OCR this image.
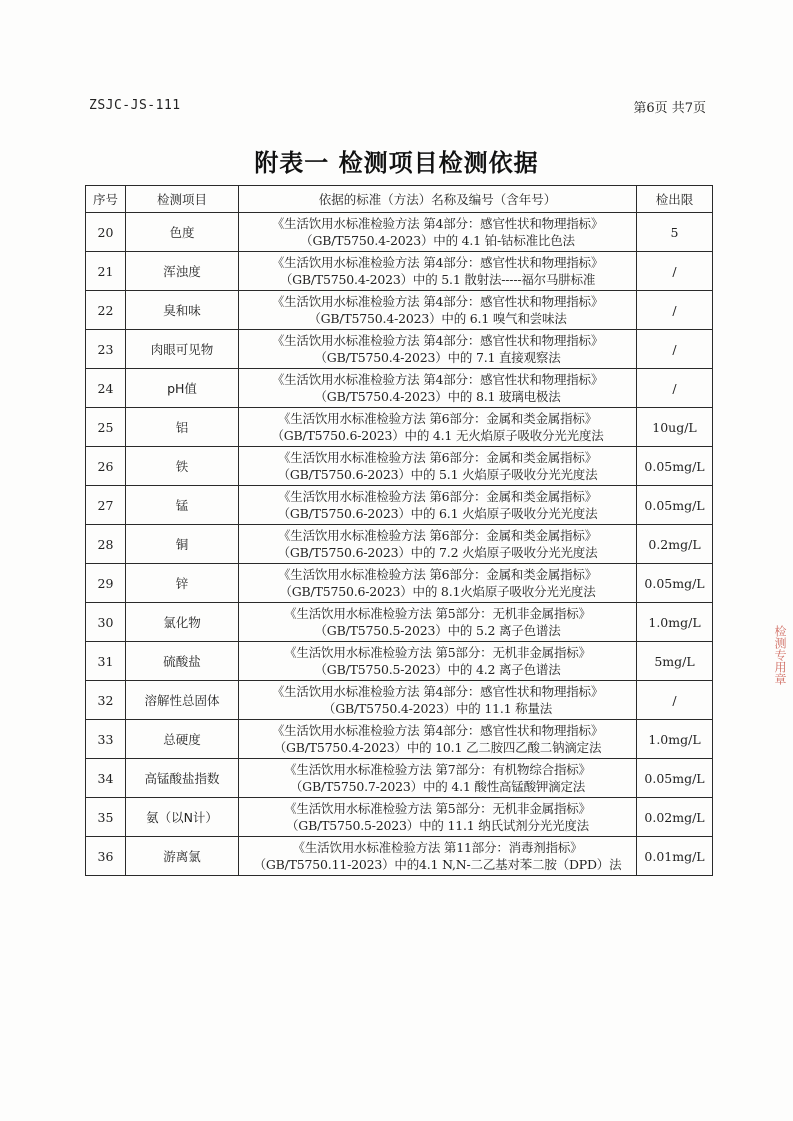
ZSJC-JS-111	第6页 共7页
附表一 检测项目检测依据
序号	检测项目	依据的标准（方法）名称及编号（含年号）	检出限
20	色度	《生活饮用水标准检验方法 第4部分：感官性状和物理指标》
（GB/T5750.4-2023）中的 4.1 铂-钴标准比色法	5
21	浑浊度	《生活饮用水标准检验方法 第4部分：感官性状和物理指标》
（GB/T5750.4-2023）中的 5.1 散射法-----福尔马肼标准	/
22	臭和味	《生活饮用水标准检验方法 第4部分：感官性状和物理指标》
（GB/T5750.4-2023）中的 6.1 嗅气和尝味法	/
23	肉眼可见物	《生活饮用水标准检验方法 第4部分：感官性状和物理指标》
（GB/T5750.4-2023）中的 7.1 直接观察法	/
24	pH值	《生活饮用水标准检验方法 第4部分：感官性状和物理指标》
（GB/T5750.4-2023）中的 8.1 玻璃电极法	/
25	铝	《生活饮用水标准检验方法 第6部分：金属和类金属指标》
（GB/T5750.6-2023）中的 4.1 无火焰原子吸收分光光度法	10ug/L
26	铁	《生活饮用水标准检验方法 第6部分：金属和类金属指标》
（GB/T5750.6-2023）中的 5.1 火焰原子吸收分光光度法	0.05mg/L
27	锰	《生活饮用水标准检验方法 第6部分：金属和类金属指标》
（GB/T5750.6-2023）中的 6.1 火焰原子吸收分光光度法	0.05mg/L
28	铜	《生活饮用水标准检验方法 第6部分：金属和类金属指标》
（GB/T5750.6-2023）中的 7.2 火焰原子吸收分光光度法	0.2mg/L
29	锌	《生活饮用水标准检验方法 第6部分：金属和类金属指标》
（GB/T5750.6-2023）中的 8.1火焰原子吸收分光光度法	0.05mg/L
30	氯化物	《生活饮用水标准检验方法 第5部分：无机非金属指标》
（GB/T5750.5-2023）中的 5.2 离子色谱法	1.0mg/L
31	硫酸盐	《生活饮用水标准检验方法 第5部分：无机非金属指标》
（GB/T5750.5-2023）中的 4.2 离子色谱法	5mg/L
32	溶解性总固体	《生活饮用水标准检验方法 第4部分：感官性状和物理指标》
（GB/T5750.4-2023）中的 11.1 称量法	/
33	总硬度	《生活饮用水标准检验方法 第4部分：感官性状和物理指标》
（GB/T5750.4-2023）中的 10.1 乙二胺四乙酸二钠滴定法	1.0mg/L
34	高锰酸盐指数	《生活饮用水标准检验方法 第7部分：有机物综合指标》
（GB/T5750.7-2023）中的 4.1 酸性高锰酸钾滴定法	0.05mg/L
35	氨（以N计）	《生活饮用水标准检验方法 第5部分：无机非金属指标》
（GB/T5750.5-2023）中的 11.1 纳氏试剂分光光度法	0.02mg/L
36	游离氯	《生活饮用水标准检验方法 第11部分：消毒剂指标》
（GB/T5750.11-2023）中的4.1 N,N-二乙基对苯二胺（DPD）法	0.01mg/L
检测专用章
